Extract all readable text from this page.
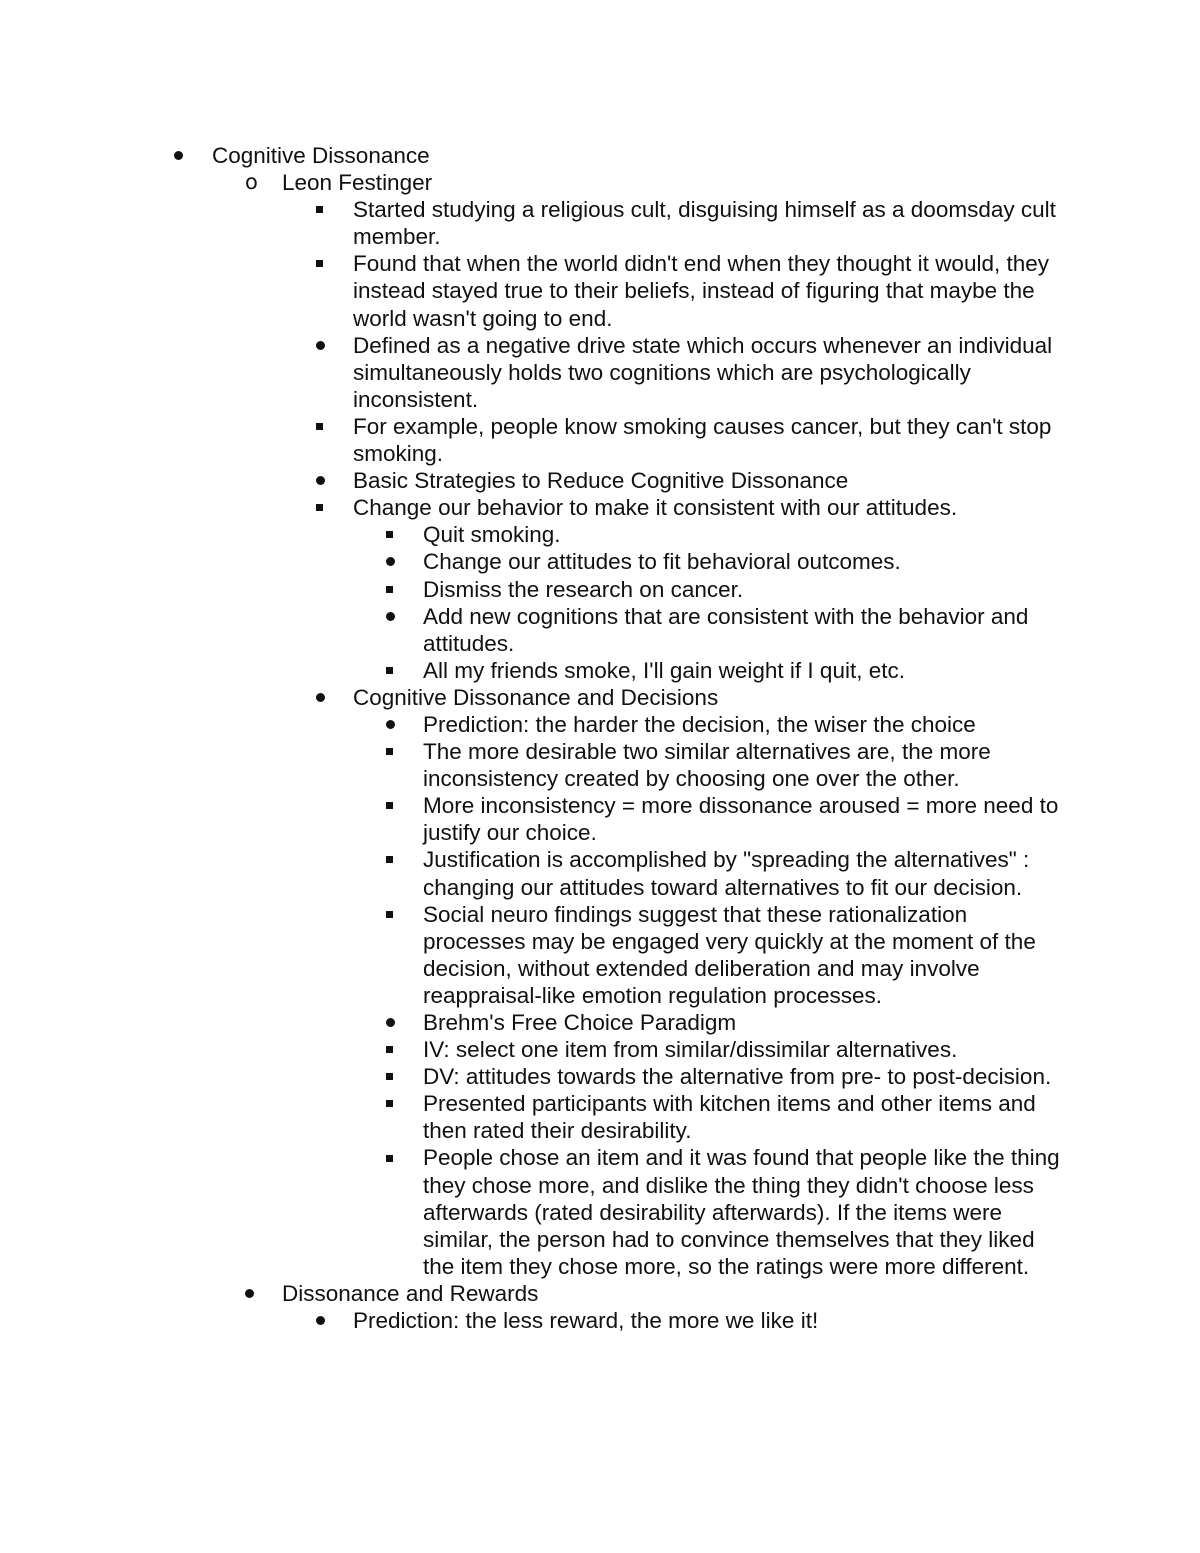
Cognitive Dissonance
o
Leon Festinger
Started studying a religious cult, disguising himself as a doomsday cult member.
Found that when the world didn't end when they thought it would, they instead stayed true to their beliefs, instead of figuring that maybe the world wasn't going to end.
Defined as a negative drive state which occurs whenever an individual simultaneously holds two cognitions which are psychologically inconsistent.
For example, people know smoking causes cancer, but they can't stop smoking.
Basic Strategies to Reduce Cognitive Dissonance
Change our behavior to make it consistent with our attitudes.
Quit smoking.
Change our attitudes to fit behavioral outcomes.
Dismiss the research on cancer.
Add new cognitions that are consistent with the behavior and attitudes.
All my friends smoke, I'll gain weight if I quit, etc.
Cognitive Dissonance and Decisions
Prediction: the harder the decision, the wiser the choice
The more desirable two similar alternatives are, the more inconsistency created by choosing one over the other.
More inconsistency = more dissonance aroused = more need to justify our choice.
Justification is accomplished by "spreading the alternatives" : changing our attitudes toward alternatives to fit our decision.
Social neuro findings suggest that these rationalization processes may be engaged very quickly at the moment of the decision, without extended deliberation and may involve reappraisal-like emotion regulation processes.
Brehm's Free Choice Paradigm
IV: select one item from similar/dissimilar alternatives.
DV: attitudes towards the alternative from pre- to post-decision.
Presented participants with kitchen items and other items and then rated their desirability.
People chose an item and it was found that people like the thing they chose more, and dislike the thing they didn't choose less afterwards (rated desirability afterwards). If the items were similar, the person had to convince themselves that they liked the item they chose more, so the ratings were more different.
Dissonance and Rewards
Prediction: the less reward, the more we like it!
